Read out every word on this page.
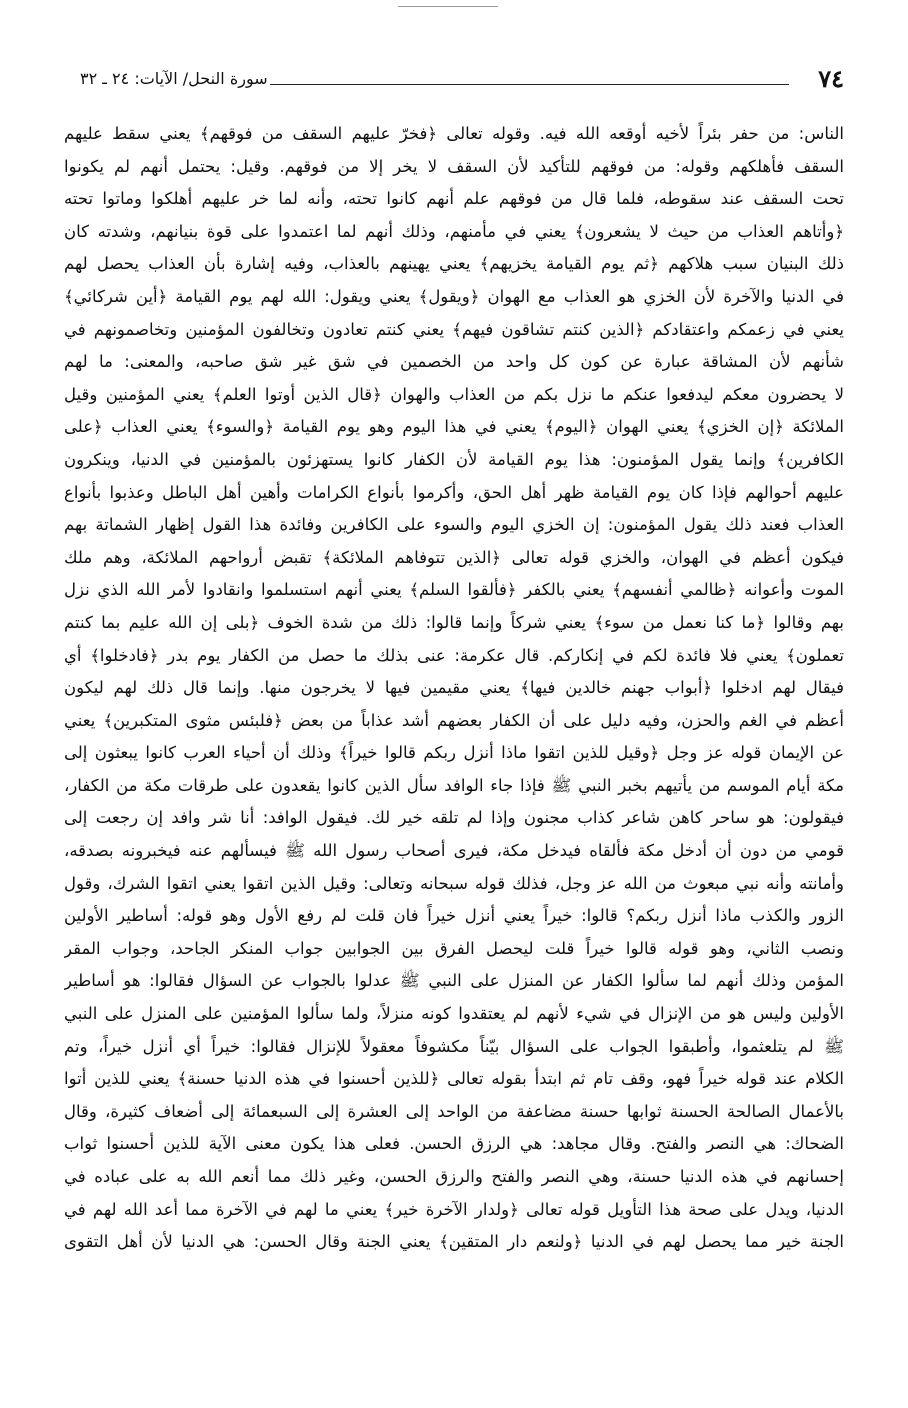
٧٤
سورة النحل/ الآيات: ٢٤ ـ ٣٢
الناس: من حفر بئراً لأخيه أوقعه الله فيه. وقوله تعالى ﴿فخرّ عليهم السقف من فوقهم﴾ يعني سقط عليهم
السقف فأهلكهم وقوله: من فوقهم للتأكيد لأن السقف لا يخر إلا من فوقهم. وقيل: يحتمل أنهم لم يكونوا
تحت السقف عند سقوطه، فلما قال من فوقهم علم أنهم كانوا تحته، وأنه لما خر عليهم أهلكوا وماتوا تحته
﴿وأتاهم العذاب من حيث لا يشعرون﴾ يعني في مأمنهم، وذلك أنهم لما اعتمدوا على قوة بنيانهم، وشدته كان
ذلك البنيان سبب هلاكهم ﴿ثم يوم القيامة يخزيهم﴾ يعني يهينهم بالعذاب، وفيه إشارة بأن العذاب يحصل لهم
في الدنيا والآخرة لأن الخزي هو العذاب مع الهوان ﴿ويقول﴾ يعني ويقول: الله لهم يوم القيامة ﴿أين شركائي﴾
يعني في زعمكم واعتقادكم ﴿الذين كنتم تشاقون فيهم﴾ يعني كنتم تعادون وتخالفون المؤمنين وتخاصمونهم في
شأنهم لأن المشاقة عبارة عن كون كل واحد من الخصمين في شق غير شق صاحبه، والمعنى: ما لهم
لا يحضرون معكم ليدفعوا عنكم ما نزل بكم من العذاب والهوان ﴿قال الذين أوتوا العلم﴾ يعني المؤمنين وقيل
الملائكة ﴿إن الخزي﴾ يعني الهوان ﴿اليوم﴾ يعني في هذا اليوم وهو يوم القيامة ﴿والسوء﴾ يعني العذاب ﴿على
الكافرين﴾ وإنما يقول المؤمنون: هذا يوم القيامة لأن الكفار كانوا يستهزئون بالمؤمنين في الدنيا، وينكرون
عليهم أحوالهم فإذا كان يوم القيامة ظهر أهل الحق، وأكرموا بأنواع الكرامات وأهين أهل الباطل وعذبوا بأنواع
العذاب فعند ذلك يقول المؤمنون: إن الخزي اليوم والسوء على الكافرين وفائدة هذا القول إظهار الشماتة بهم
فيكون أعظم في الهوان، والخزي قوله تعالى ﴿الذين تتوفاهم الملائكة﴾ تقبض أرواحهم الملائكة، وهم ملك
الموت وأعوانه ﴿ظالمي أنفسهم﴾ يعني بالكفر ﴿فألقوا السلم﴾ يعني أنهم استسلموا وانقادوا لأمر الله الذي نزل
بهم وقالوا ﴿ما كنا نعمل من سوء﴾ يعني شركاً وإنما قالوا: ذلك من شدة الخوف ﴿بلى إن الله عليم بما كنتم
تعملون﴾ يعني فلا فائدة لكم في إنكاركم. قال عكرمة: عنى بذلك ما حصل من الكفار يوم بدر ﴿فادخلوا﴾ أي
فيقال لهم ادخلوا ﴿أبواب جهنم خالدين فيها﴾ يعني مقيمين فيها لا يخرجون منها. وإنما قال ذلك لهم ليكون
أعظم في الغم والحزن، وفيه دليل على أن الكفار بعضهم أشد عذاباً من بعض ﴿فلبئس مثوى المتكبرين﴾ يعني
عن الإيمان قوله عز وجل ﴿وقيل للذين اتقوا ماذا أنزل ربكم قالوا خيراً﴾ وذلك أن أحياء العرب كانوا يبعثون إلى
مكة أيام الموسم من يأتيهم بخبر النبي ﷺ فإذا جاء الوافد سأل الذين كانوا يقعدون على طرقات مكة من الكفار،
فيقولون: هو ساحر كاهن شاعر كذاب مجنون وإذا لم تلقه خير لك. فيقول الوافد: أنا شر وافد إن رجعت إلى
قومي من دون أن أدخل مكة فألقاه فيدخل مكة، فيرى أصحاب رسول الله ﷺ فيسألهم عنه فيخبرونه بصدقه،
وأمانته وأنه نبي مبعوث من الله عز وجل، فذلك قوله سبحانه وتعالى: وقيل الذين اتقوا يعني اتقوا الشرك، وقول
الزور والكذب ماذا أنزل ربكم؟ قالوا: خيراً يعني أنزل خيراً فان قلت لم رفع الأول وهو قوله: أساطير الأولين
ونصب الثاني، وهو قوله قالوا خيراً قلت ليحصل الفرق بين الجوابين جواب المنكر الجاحد، وجواب المقر
المؤمن وذلك أنهم لما سألوا الكفار عن المنزل على النبي ﷺ عدلوا بالجواب عن السؤال فقالوا: هو أساطير
الأولين وليس هو من الإنزال في شيء لأنهم لم يعتقدوا كونه منزلاً، ولما سألوا المؤمنين على المنزل على النبي
ﷺ لم يتلعثموا، وأطبقوا الجواب على السؤال بيّناً مكشوفاً معقولاً للإنزال فقالوا: خيراً أي أنزل خيراً، وتم
الكلام عند قوله خيراً فهو، وقف تام ثم ابتدأ بقوله تعالى ﴿للذين أحسنوا في هذه الدنيا حسنة﴾ يعني للذين أتوا
بالأعمال الصالحة الحسنة ثوابها حسنة مضاعفة من الواحد إلى العشرة إلى السبعمائة إلى أضعاف كثيرة، وقال
الضحاك: هي النصر والفتح. وقال مجاهد: هي الرزق الحسن. فعلى هذا يكون معنى الآية للذين أحسنوا ثواب
إحسانهم في هذه الدنيا حسنة، وهي النصر والفتح والرزق الحسن، وغير ذلك مما أنعم الله به على عباده في
الدنيا، ويدل على صحة هذا التأويل قوله تعالى ﴿ولدار الآخرة خير﴾ يعني ما لهم في الآخرة مما أعد الله لهم في
الجنة خير مما يحصل لهم في الدنيا ﴿ولنعم دار المتقين﴾ يعني الجنة وقال الحسن: هي الدنيا لأن أهل التقوى
